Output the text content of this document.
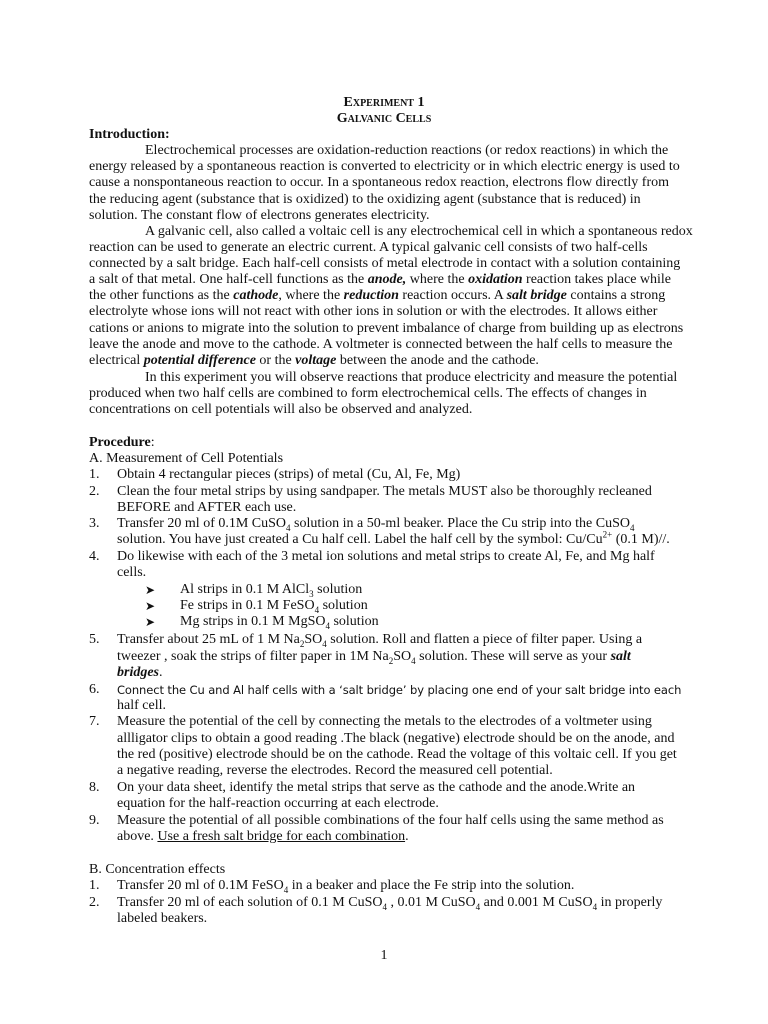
Experiment 1
Galvanic Cells
Introduction:
Electrochemical processes are oxidation-reduction reactions (or redox reactions) in which the
energy released by a spontaneous reaction is converted to electricity or in which electric energy is used to
cause a nonspontaneous reaction to occur. In a spontaneous redox reaction, electrons flow directly from
the reducing agent (substance that is oxidized) to the oxidizing agent (substance that is reduced) in
solution. The constant flow of electrons generates electricity.
A galvanic cell, also called a voltaic cell is any electrochemical cell in which a spontaneous redox
reaction can be used to generate an electric current. A typical galvanic cell consists of two half-cells
connected by a salt bridge. Each half-cell consists of metal electrode in contact with a solution containing
a salt of that metal. One half-cell functions as the anode, where the oxidation reaction takes place while
the other functions as the cathode, where the reduction reaction occurs. A salt bridge contains a strong
electrolyte whose ions will not react with other ions in solution or with the electrodes. It allows either
cations or anions to migrate into the solution to prevent imbalance of charge from building up as electrons
leave the anode and move to the cathode. A voltmeter is connected between the half cells to measure the
electrical potential difference or the voltage between the anode and the cathode.
In this experiment you will observe reactions that produce electricity and measure the potential
produced when two half cells are combined to form electrochemical cells. The effects of changes in
concentrations on cell potentials will also be observed and analyzed.
Procedure:
A. Measurement of Cell Potentials
1. Obtain 4 rectangular pieces (strips) of metal (Cu, Al, Fe, Mg)
2. Clean the four metal strips by using sandpaper. The metals MUST also be thoroughly recleaned
BEFORE and AFTER each use.
3. Transfer 20 ml of 0.1M CuSO$_4$ solution in a 50-ml beaker. Place the Cu strip into the CuSO$_4$
solution. You have just created a Cu half cell. Label the half cell by the symbol: $Cu/Cu^{2+}$ (0.1 M)//.
4. Do likewise with each of the 3 metal ion solutions and metal strips to create Al, Fe, and Mg half
cells.
➤ Al strips in 0.1 M AlCl$_3$ solution
➤ Fe strips in 0.1 M FeSO$_4$ solution
➤ Mg strips in 0.1 M MgSO$_4$ solution
5. Transfer about 25 mL of 1 M $Na_2SO_4$ solution. Roll and flatten a piece of filter paper. Using a
tweezer , soak the strips of filter paper in 1M $Na_2SO_4$ solution. These will serve as your salt
bridges.
6. Connect the Cu and Al half cells with a ‘salt bridge’ by placing one end of your salt bridge into each
half cell.
7. Measure the potential of the cell by connecting the metals to the electrodes of a voltmeter using
allligator clips to obtain a good reading .The black (negative) electrode should be on the anode, and
the red (positive) electrode should be on the cathode. Read the voltage of this voltaic cell. If you get
a negative reading, reverse the electrodes. Record the measured cell potential.
8. On your data sheet, identify the metal strips that serve as the cathode and the anode.Write an
equation for the half-reaction occurring at each electrode.
9. Measure the potential of all possible combinations of the four half cells using the same method as
above. Use a fresh salt bridge for each combination.
B. Concentration effects
1. Transfer 20 ml of 0.1M FeSO$_4$ in a beaker and place the Fe strip into the solution.
2. Transfer 20 ml of each solution of 0.1 M CuSO$_4$ , 0.01 M CuSO$_4$ and 0.001 M CuSO$_4$ in properly
labeled beakers.
1
